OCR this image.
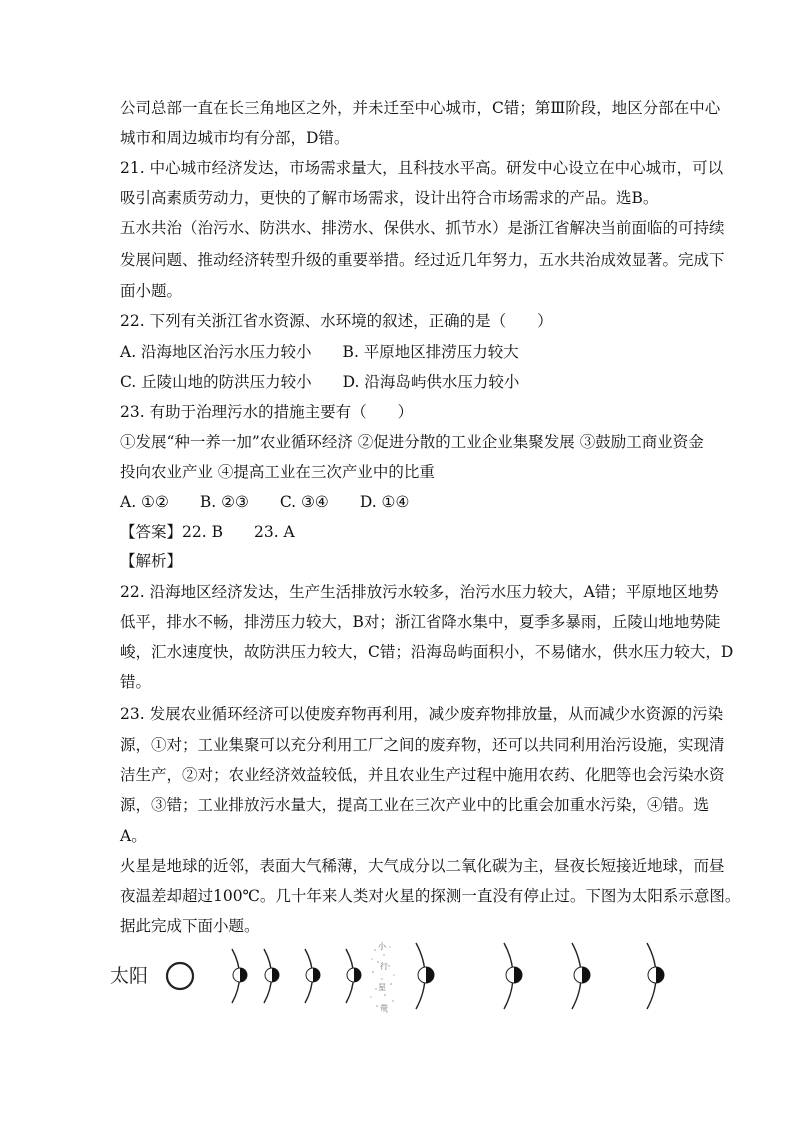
公司总部一直在长三角地区之外，并未迁至中心城市，C错；第Ⅲ阶段，地区分部在中心
城市和周边城市均有分部，D错。
21. 中心城市经济发达，市场需求量大，且科技水平高。研发中心设立在中心城市，可以
吸引高素质劳动力，更快的了解市场需求，设计出符合市场需求的产品。选B。
五水共治（治污水、防洪水、排涝水、保供水、抓节水）是浙江省解决当前面临的可持续
发展问题、推动经济转型升级的重要举措。经过近几年努力，五水共治成效显著。完成下
面小题。
22. 下列有关浙江省水资源、水环境的叙述，正确的是（　　）
A. 沿海地区治污水压力较小　　B. 平原地区排涝压力较大
C. 丘陵山地的防洪压力较小　　D. 沿海岛屿供水压力较小
23. 有助于治理污水的措施主要有（　　）
①发展“种一养一加”农业循环经济 ②促进分散的工业企业集聚发展 ③鼓励工商业资金
投向农业产业 ④提高工业在三次产业中的比重
A. ①②　　B. ②③　　C. ③④　　D. ①④
【答案】22. B　　23. A
【解析】
22. 沿海地区经济发达，生产生活排放污水较多，治污水压力较大，A错；平原地区地势
低平，排水不畅，排涝压力较大，B对；浙江省降水集中，夏季多暴雨，丘陵山地地势陡
峻，汇水速度快，故防洪压力较大，C错；沿海岛屿面积小，不易储水，供水压力较大，D
错。
23. 发展农业循环经济可以使废弃物再利用，减少废弃物排放量，从而减少水资源的污染
源，①对；工业集聚可以充分利用工厂之间的废弃物，还可以共同利用治污设施，实现清
洁生产，②对；农业经济效益较低，并且农业生产过程中施用农药、化肥等也会污染水资
源，③错；工业排放污水量大，提高工业在三次产业中的比重会加重水污染，④错。选
A。
火星是地球的近邻，表面大气稀薄，大气成分以二氧化碳为主，昼夜长短接近地球，而昼
夜温差却超过100℃。几十年来人类对火星的探测一直没有停止过。下图为太阳系示意图。
据此完成下面小题。
太阳
小
行
星
带
